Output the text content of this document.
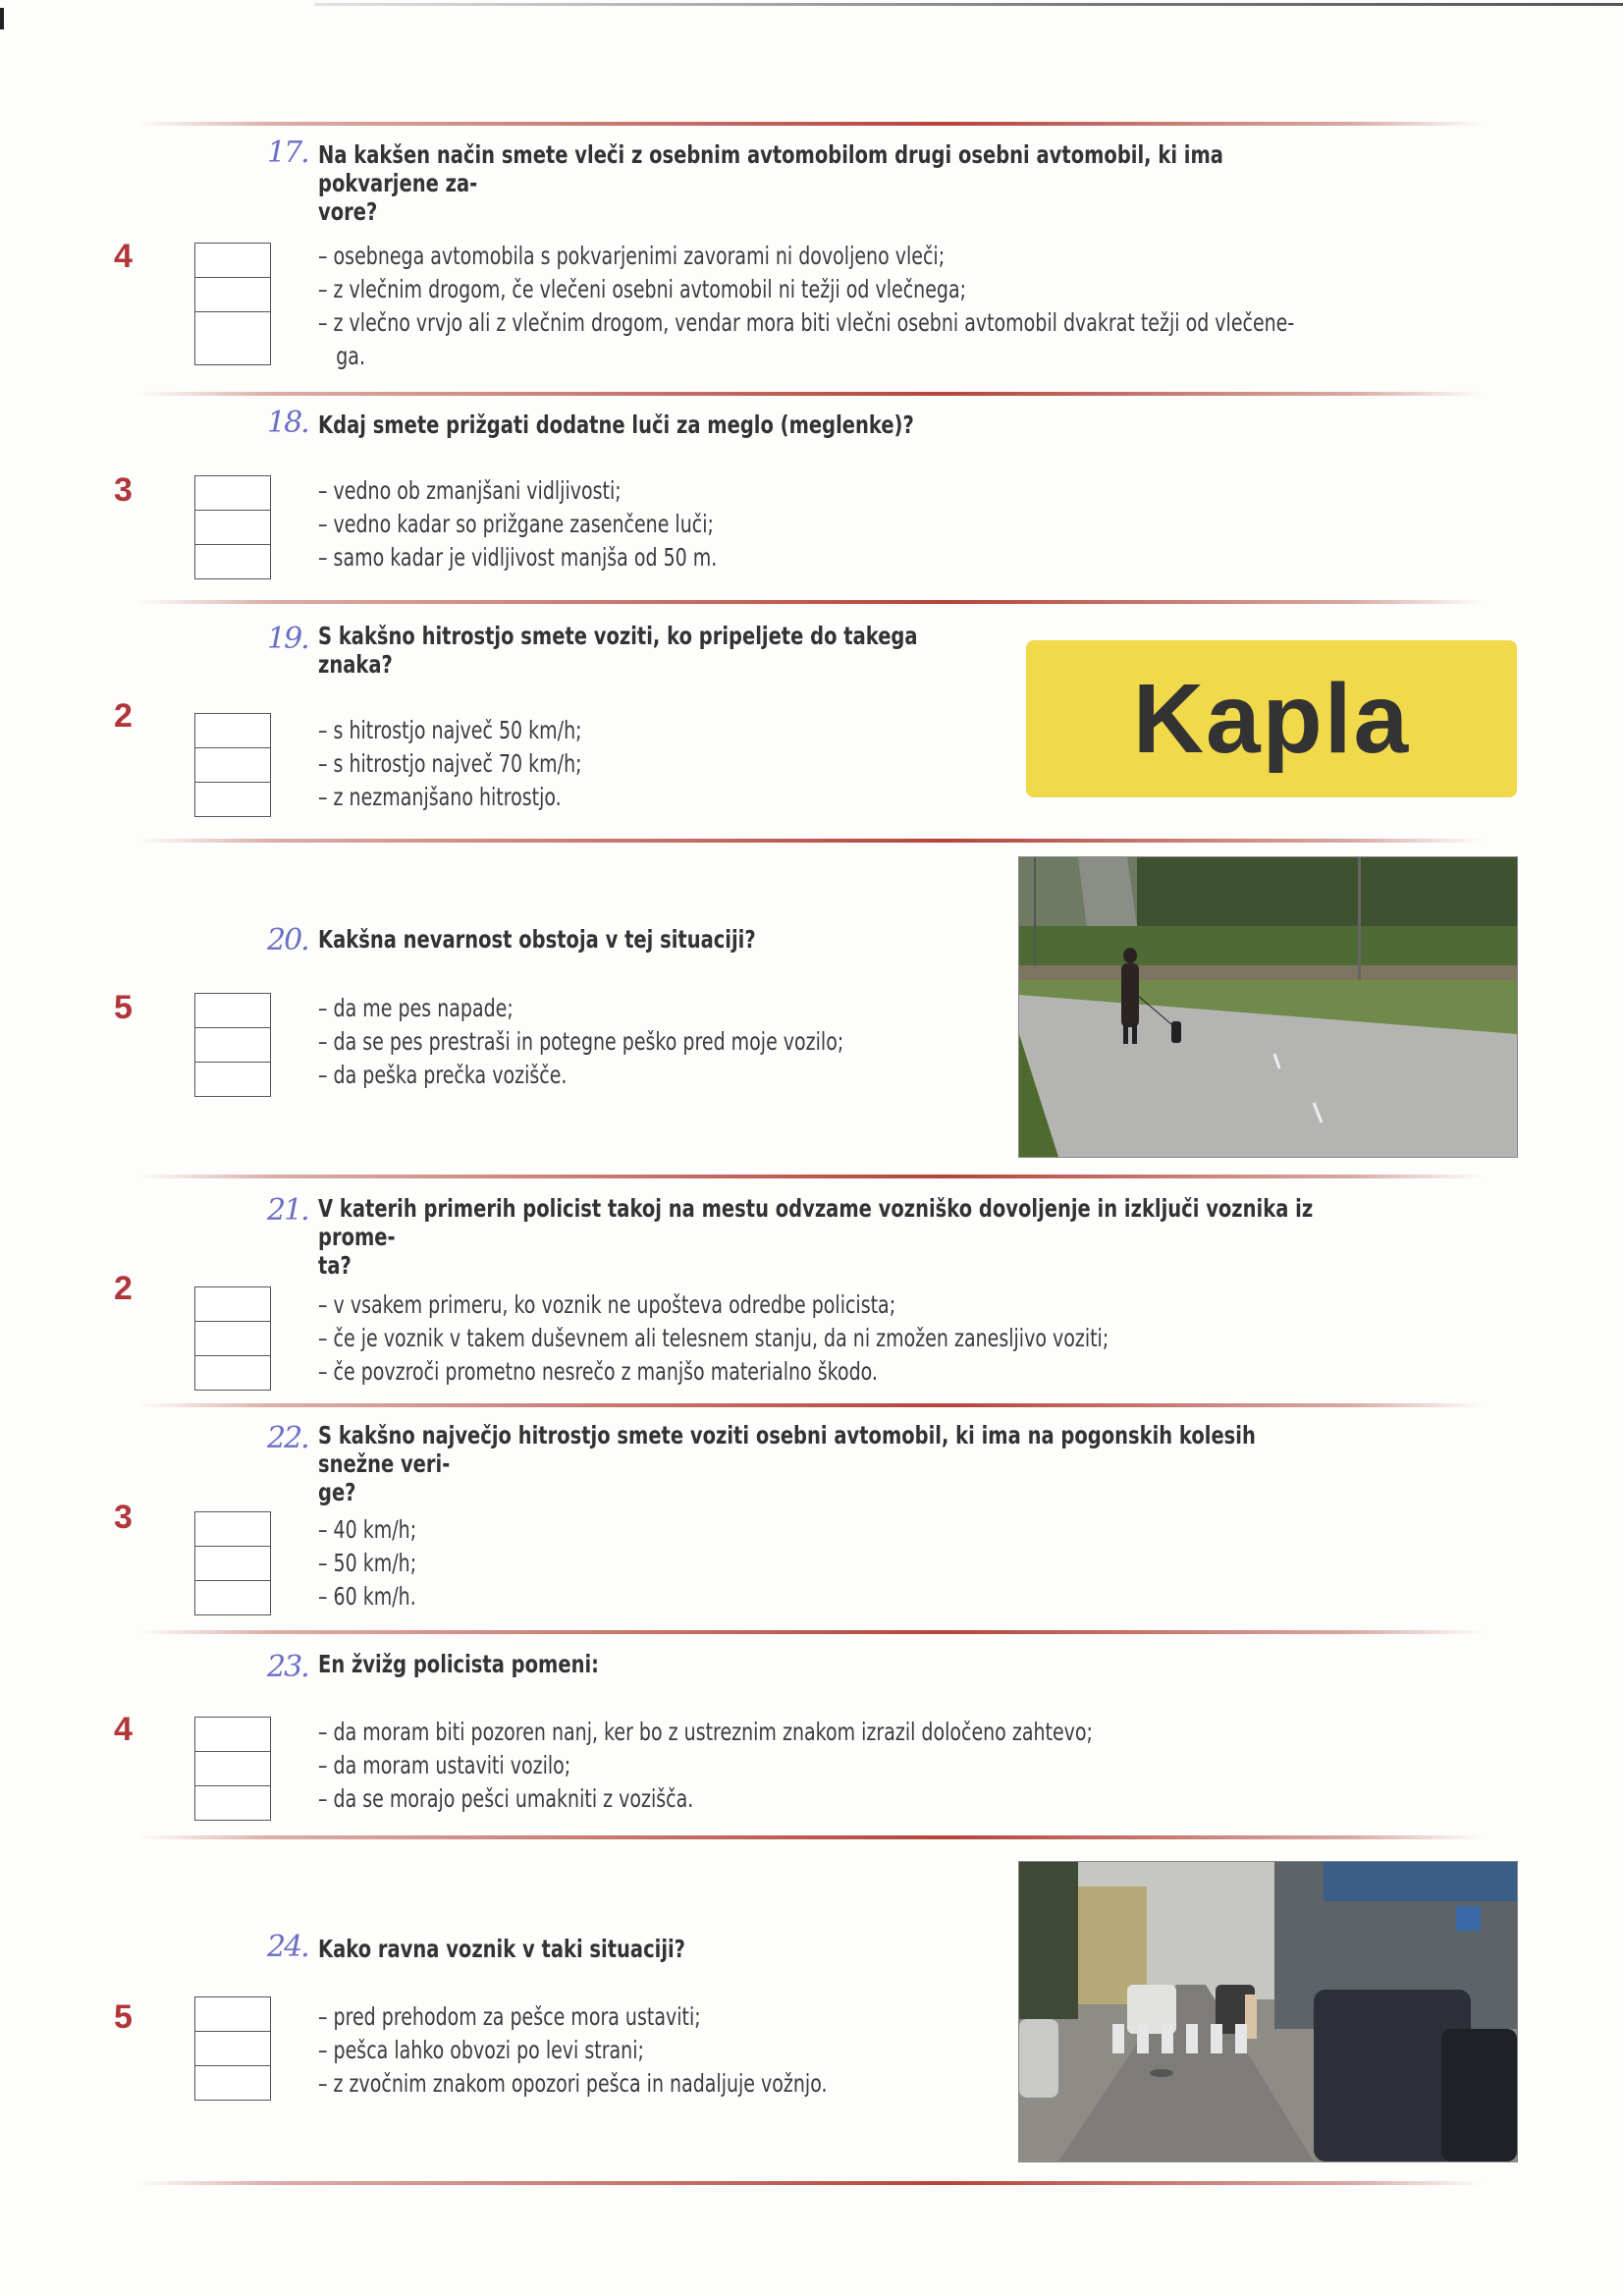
17. Na kakšen način smete vleči z osebnim avtomobilom drugi osebni avtomobil, ki ima pokvarjene za-
vore?
4	– osebnega avtomobila s pokvarjenimi zavorami ni dovoljeno vleči;
– z vlečnim drogom, če vlečeni osebni avtomobil ni težji od vlečnega;
– z vlečno vrvjo ali z vlečnim drogom, vendar mora biti vlečni osebni avtomobil dvakrat težji od vlečene-
ga.
18. Kdaj smete prižgati dodatne luči za meglo (meglenke)?
3	– vedno ob zmanjšani vidljivosti;
– vedno kadar so prižgane zasenčene luči;
– samo kadar je vidljivost manjša od 50 m.
19. S kakšno hitrostjo smete voziti, ko pripeljete do takega
znaka?
2	– s hitrostjo največ 50 km/h;
– s hitrostjo največ 70 km/h;
– z nezmanjšano hitrostjo.
Kapla
20. Kakšna nevarnost obstoja v tej situaciji?
5	– da me pes napade;
– da se pes prestraši in potegne peško pred moje vozilo;
– da peška prečka vozišče.
21. V katerih primerih policist takoj na mestu odvzame vozniško dovoljenje in izključi voznika iz prome-
ta?
2	– v vsakem primeru, ko voznik ne upošteva odredbe policista;
– če je voznik v takem duševnem ali telesnem stanju, da ni zmožen zanesljivo voziti;
– če povzroči prometno nesrečo z manjšo materialno škodo.
22. S kakšno največjo hitrostjo smete voziti osebni avtomobil, ki ima na pogonskih kolesih snežne veri-
ge?
3	– 40 km/h;
– 50 km/h;
– 60 km/h.
23. En žvižg policista pomeni:
4	– da moram biti pozoren nanj, ker bo z ustreznim znakom izrazil določeno zahtevo;
– da moram ustaviti vozilo;
– da se morajo pešci umakniti z vozišča.
24. Kako ravna voznik v taki situaciji?
5	– pred prehodom za pešce mora ustaviti;
– pešca lahko obvozi po levi strani;
– z zvočnim znakom opozori pešca in nadaljuje vožnjo.
